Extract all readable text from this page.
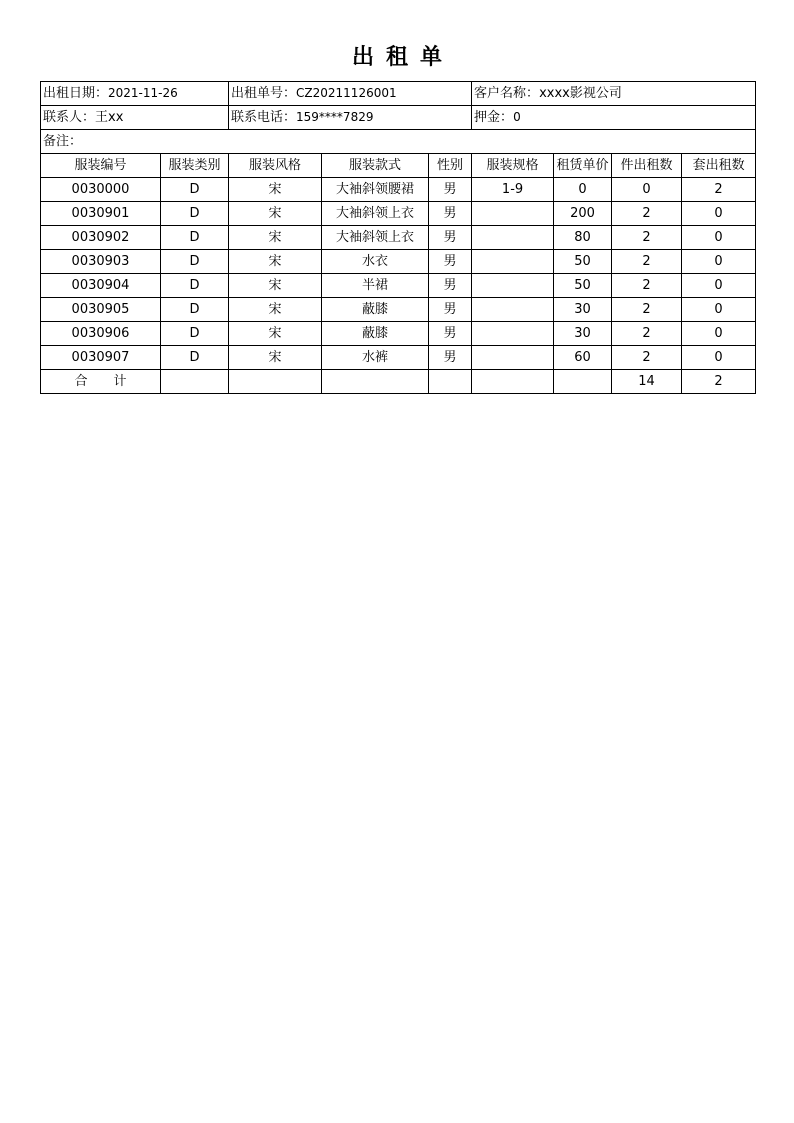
出租单
出租日期：2021-11-26		出租单号：CZ20211126001			客户名称：xxxx影视公司			
联系人：王xx		联系电话：159****7829			押金：0			
备注：								
服装编号	服装类别	服装风格	服装款式	性别	服装规格	租赁单价	件出租数	套出租数
0030000	D	宋	大袖斜领腰裙	男	1-9	0	0	2
0030901	D	宋	大袖斜领上衣	男		200	2	0
0030902	D	宋	大袖斜领上衣	男		80	2	0
0030903	D	宋	水衣	男		50	2	0
0030904	D	宋	半裙	男		50	2	0
0030905	D	宋	蔽膝	男		30	2	0
0030906	D	宋	蔽膝	男		30	2	0
0030907	D	宋	水裤	男		60	2	0
合计							14	2
